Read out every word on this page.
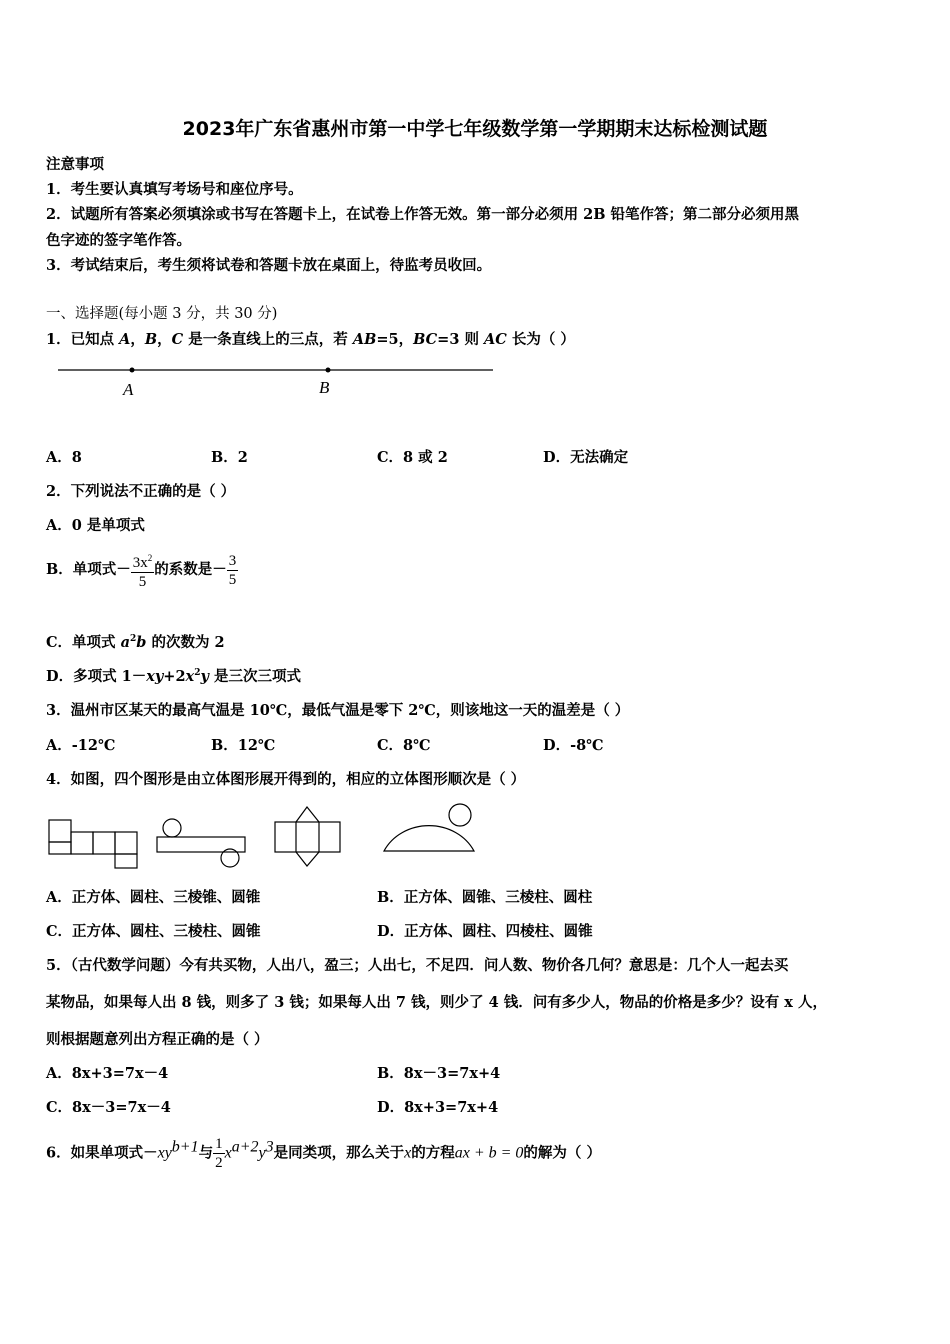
2023年广东省惠州市第一中学七年级数学第一学期期末达标检测试题
注意事项
1．考生要认真填写考场号和座位序号。
2．试题所有答案必须填涂或书写在答题卡上，在试卷上作答无效。第一部分必须用 2B 铅笔作答；第二部分必须用黑
色字迹的签字笔作答。
3．考试结束后，考生须将试卷和答题卡放在桌面上，待监考员收回。
一、选择题(每小题 3 分，共 30 分)
1．已知点 A，B，C 是一条直线上的三点，若 AB=5，BC=3 则 AC 长为（ ）
A	B
A．8	B．2	C．8 或 2	D．无法确定
2．下列说法不正确的是（ ）
A．0 是单项式
B．单项式－ $\frac{3x^2}{5}$ 的系数是－ $\frac{3}{5}$
C．单项式 $a^2b$ 的次数为 2
D．多项式 $1-xy+2x^2y$ 是三次三项式
3．温州市区某天的最高气温是 10℃，最低气温是零下 2℃，则该地这一天的温差是（ ）
A．-12℃	B．12℃	C．8℃	D．-8℃
4．如图，四个图形是由立体图形展开得到的，相应的立体图形顺次是（ ）
A．正方体、圆柱、三棱锥、圆锥	B．正方体、圆锥、三棱柱、圆柱
C．正方体、圆柱、三棱柱、圆锥	D．正方体、圆柱、四棱柱、圆锥
5．（古代数学问题）今有共买物，人出八，盈三；人出七，不足四．问人数、物价各几何？意思是：几个人一起去买
某物品，如果每人出 8 钱，则多了 3 钱；如果每人出 7 钱，则少了 4 钱．问有多少人，物品的价格是多少？设有 x 人，
则根据题意列出方程正确的是（ ）
A．8x+3=7x－4	B．8x－3=7x+4
C．8x－3=7x－4	D．8x+3=7x+4
6．如果单项式$-xy^{b+1}$与 $\frac{1}{2} x^{a+2}y^3$是同类项，那么关于x的方程ax + b = 0的解为（ ）
